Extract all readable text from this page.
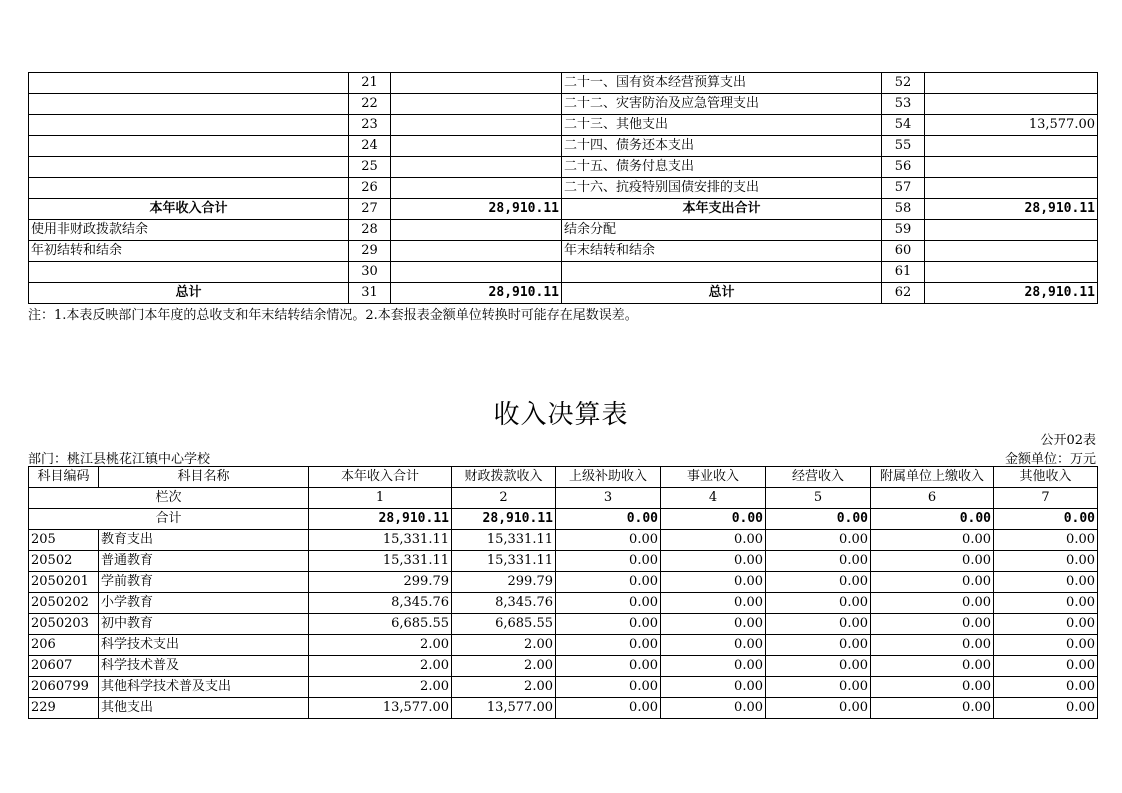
	21		二十一、国有资本经营预算支出	52	
	22		二十二、灾害防治及应急管理支出	53	
	23		二十三、其他支出	54	13,577.00
	24		二十四、债务还本支出	55	
	25		二十五、债务付息支出	56	
	26		二十六、抗疫特别国债安排的支出	57	
本年收入合计	27	28,910.11	本年支出合计	58	28,910.11
使用非财政拨款结余	28		结余分配	59	
年初结转和结余	29		年末结转和结余	60	
	30			61	
总计	31	28,910.11	总计	62	28,910.11
注：1.本表反映部门本年度的总收支和年末结转结余情况。2.本套报表金额单位转换时可能存在尾数误差。
收入决算表
公开02表
部门：桃江县桃花江镇中心学校	金额单位：万元
科目编码	科目名称	本年收入合计	财政拨款收入	上级补助收入	事业收入	经营收入	附属单位上缴收入	其他收入
栏次		1	2	3	4	5	6	7
合计		28,910.11	28,910.11	0.00	0.00	0.00	0.00	0.00
205	教育支出	15,331.11	15,331.11	0.00	0.00	0.00	0.00	0.00
20502	普通教育	15,331.11	15,331.11	0.00	0.00	0.00	0.00	0.00
2050201	学前教育	299.79	299.79	0.00	0.00	0.00	0.00	0.00
2050202	小学教育	8,345.76	8,345.76	0.00	0.00	0.00	0.00	0.00
2050203	初中教育	6,685.55	6,685.55	0.00	0.00	0.00	0.00	0.00
206	科学技术支出	2.00	2.00	0.00	0.00	0.00	0.00	0.00
20607	科学技术普及	2.00	2.00	0.00	0.00	0.00	0.00	0.00
2060799	其他科学技术普及支出	2.00	2.00	0.00	0.00	0.00	0.00	0.00
229	其他支出	13,577.00	13,577.00	0.00	0.00	0.00	0.00	0.00
